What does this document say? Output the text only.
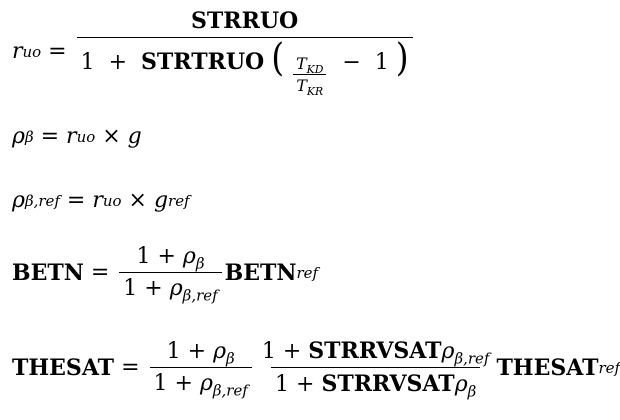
r uo =
STRRUO
1 + STRTRUO ( $\frac{T_{KD}}{T_{KR}} - 1$ )
ρ β = r uo × g
ρ β,ref = r uo × g ref
BETN = $\frac{1 + \rho_\beta}{1 + \rho_{\beta,ref}}$ BETN ref
THESAT = $\frac{1 + \rho_\beta}{1 + \rho_{\beta,ref}} \frac{1 + STRRVSAT\rho_{\beta,ref}}{1 + STRRVSAT\rho_\beta}$ THESAT ref
